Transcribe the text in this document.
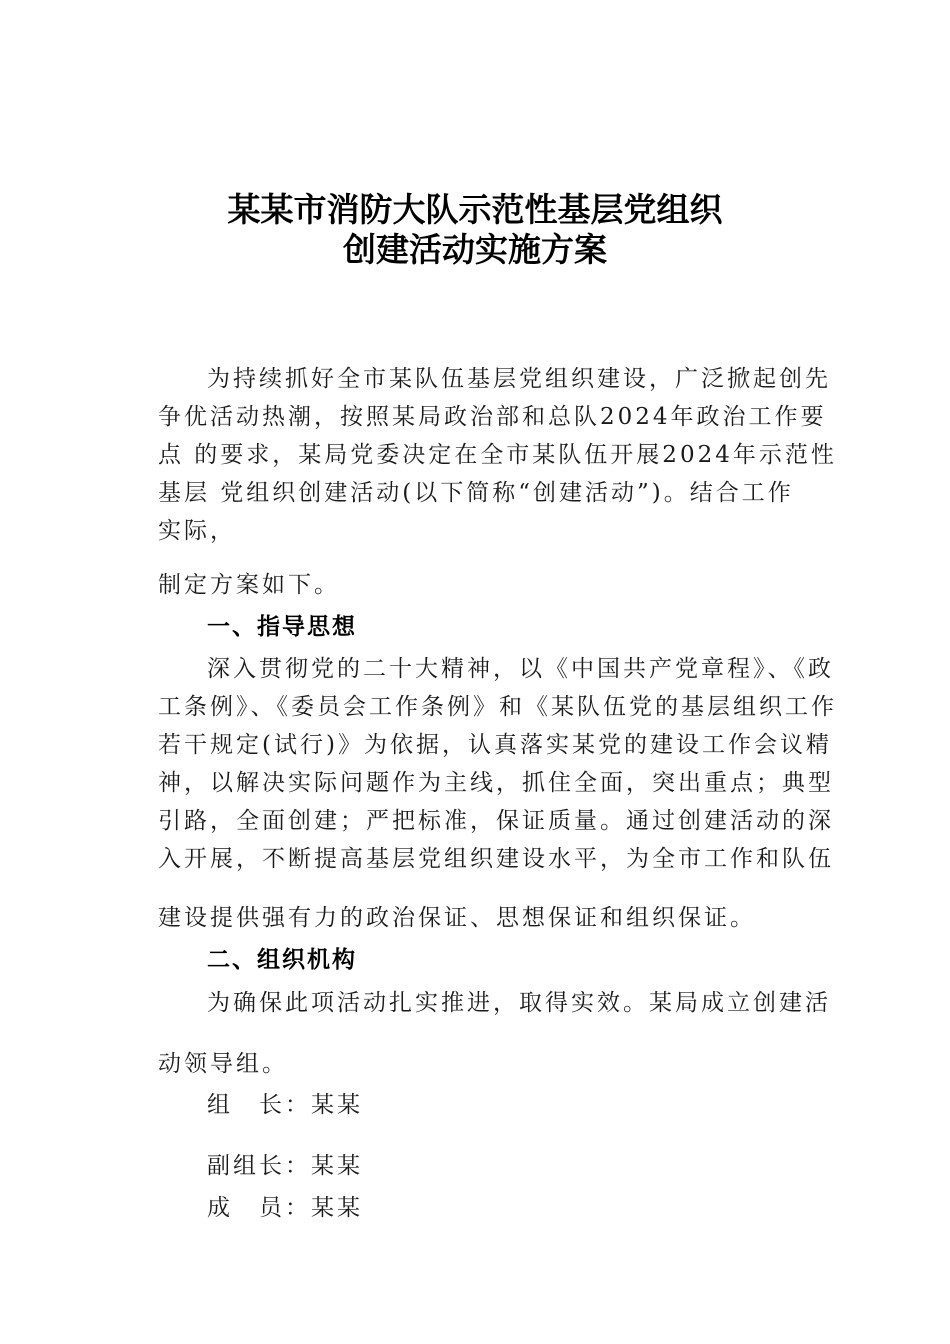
某某市消防大队示范性基层党组织
创建活动实施方案
为持续抓好全市某队伍基层党组织建设，广泛掀起创先
争优活动热潮，按照某局政治部和总队2024年政治工作要
点 的要求，某局党委决定在全市某队伍开展2024年示范性
基层 党组织创建活动(以下简称“创建活动”)。结合工作
实际，
制定方案如下。
一、指导思想
深入贯彻党的二十大精神，以《中国共产党章程》、《政
工条例》、《委员会工作条例》和《某队伍党的基层组织工作
若干规定(试行)》为依据，认真落实某党的建设工作会议精
神，以解决实际问题作为主线，抓住全面，突出重点；典型
引路，全面创建；严把标准，保证质量。通过创建活动的深
入开展，不断提高基层党组织建设水平，为全市工作和队伍
建设提供强有力的政治保证、思想保证和组织保证。
二、组织机构
为确保此项活动扎实推进，取得实效。某局成立创建活
动领导组。
组　长：某某
副组长：某某
成　员：某某
